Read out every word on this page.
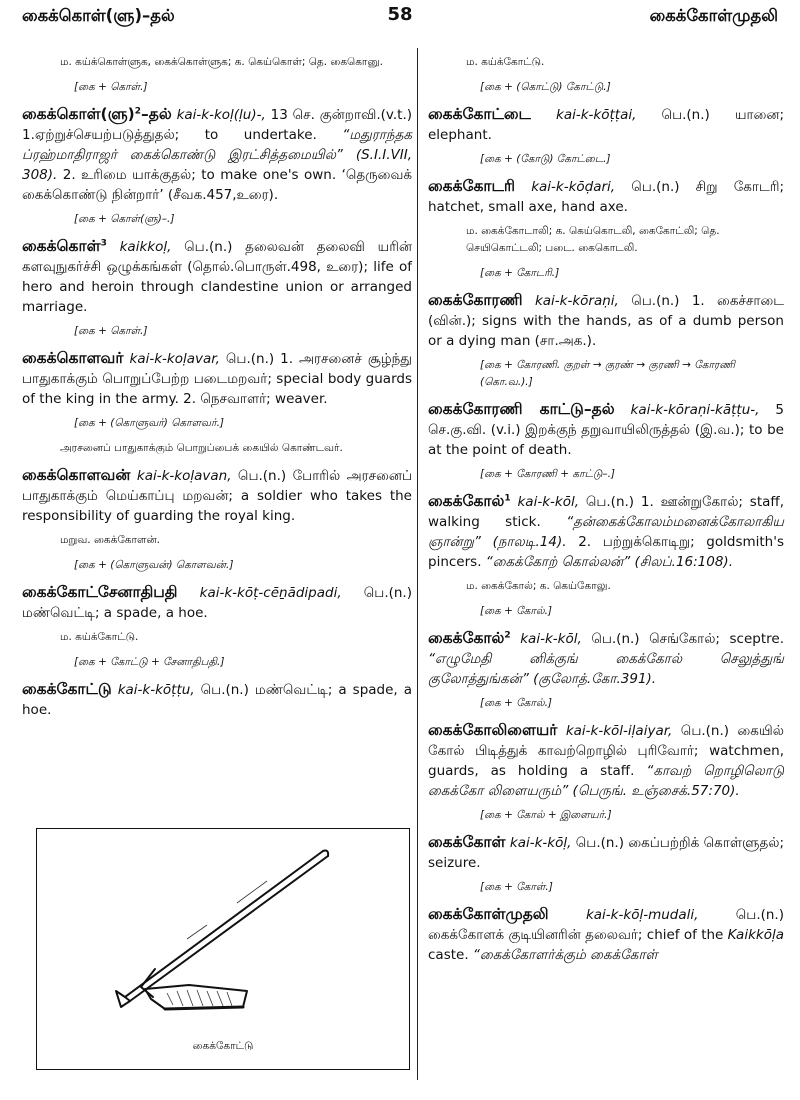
கைக்கொள்(ளு)–தல்	58	கைக்கோள்முதலி

ம. கய்க்கொள்ளுக, கைக்கொள்ளுக; க. கெய்கொள்; தெ. கைகொனு.

[கை + கொள்.]

கைக்கொள்(ளு)$^2$–தல் kai-k-koḷ(ḷu)-, 13 செ. குன்றாவி.(v.t.) 1.ஏற்றுச்செயற்படுத்துதல்; to undertake. “மதுராந்தக ப்ரஹ்மாதிராஜர் கைக்கொண்டு இரட்சித்தமையில்” (S.I.I.VII, 308). 2. உரிமை யாக்குதல்; to make one's own. ‘தெருவைக் கைக்கொண்டு நின்றார்’ (சீவக.457,உரை).

[கை + கொள்(ளு)–.]

கைக்கொள்$^3$ kaikkoḷ, பெ.(n.) தலைவன் தலைவி யரின் களவுநுகர்ச்சி ஒழுக்கங்கள் (தொல்.பொருள்.498, உரை); life of hero and heroin through clandestine union or arranged marriage.

[கை + கொள்.]

கைக்கொளவர் kai-k-koḷavar, பெ.(n.) 1. அரசனைச் சூழ்ந்து பாதுகாக்கும் பொறுப்பேற்ற படைமறவர்; special body guards of the king in the army. 2. நெசவாளர்; weaver.

[கை + (கொளுவர்) கொளவர்.]

அரசனைப் பாதுகாக்கும் பொறுப்பைக் கையில் கொண்டவர்.

கைக்கொளவன் kai-k-koḷavan, பெ.(n.) போரில் அரசனைப் பாதுகாக்கும் மெய்காப்பு மறவன்; a soldier who takes the responsibility of guarding the royal king.

மறுவ. கைக்கோளன்.

[கை + (கொளுவன்) கொளவன்.]

கைக்கோட்சேனாதிபதி kai-k-kōṭ-cēṉādipadi, பெ.(n.) மண்வெட்டி; a spade, a hoe.

ம. கய்க்கோட்டு.

[கை + கோட்டு + சேனாதிபதி.]

கைக்கோட்டு kai-k-kōṭṭu, பெ.(n.) மண்வெட்டி; a spade, a hoe.

கைக்கோட்டு

ம. கய்க்கோட்டு.

[கை + (கொட்டு) கோட்டு.]

கைக்கோட்டை kai-k-kōṭṭai, பெ.(n.) யானை; elephant.

[கை + (கோடு) கோட்டை.]

கைக்கோடரி kai-k-kōḍari, பெ.(n.) சிறு கோடரி; hatchet, small axe, hand axe.

ம. கைக்கோடாலி; க. கெய்கொடலி, கைகோட்லி; தெ. செயிகொட்டலி; படை. கைகொடலி.

[கை + கோடரி.]

கைக்கோரணி kai-k-kōraṇi, பெ.(n.) 1. கைச்சாடை (வின்.); signs with the hands, as of a dumb person or a dying man (சா.அக.).

[கை + கோரணி. குறள் → குரண் → குரணி → கோரணி (கொ.வ.).]

கைக்கோரணி காட்டு–தல் kai-k-kōraṇi-kāṭṭu-, 5 செ.கு.வி. (v.i.) இறக்குந் தறுவாயிலிருத்தல் (இ.வ.); to be at the point of death.

[கை + கோரணி + காட்டு–.]

கைக்கோல்$^1$ kai-k-kōl, பெ.(n.) 1. ஊன்றுகோல்; staff, walking stick. “தன்கைக்கோலம்மனைக்கோலாகிய ஞான்று” (நாலடி.14). 2. பற்றுக்கொடிறு; goldsmith's pincers. “கைக்கோற் கொல்லன்” (சிலப்.16:108).

ம. கைக்கோல்; க. கெய்கோலு.

[கை + கோல்.]

கைக்கோல்$^2$ kai-k-kōl, பெ.(n.) செங்கோல்; sceptre. “எழுமேதி னிக்குங் கைக்கோல் செலுத்துங் குலோத்துங்கன்” (குலோத்.கோ.391).

[கை + கோல்.]

கைக்கோலிளையர் kai-k-kōl-iḷaiyar, பெ.(n.) கையில் கோல் பிடித்துக் காவற்றொழில் புரிவோர்; watchmen, guards, as holding a staff. “காவற் றொழிலொடு கைக்கோ லிளையரும்” (பெருங். உஞ்சைக்.57:70).

[கை + கோல் + இளையர்.]

கைக்கோள் kai-k-kōḷ, பெ.(n.) கைப்பற்றிக் கொள்ளுதல்; seizure.

[கை + கோள்.]

கைக்கோள்முதலி	kai-k-kōḷ-mudali, பெ.(n.) கைக்கோளக் குடியினரின் தலைவர்; chief of the Kaikkōḷa caste. “கைக்கோளர்க்கும் கைக்கோள்
